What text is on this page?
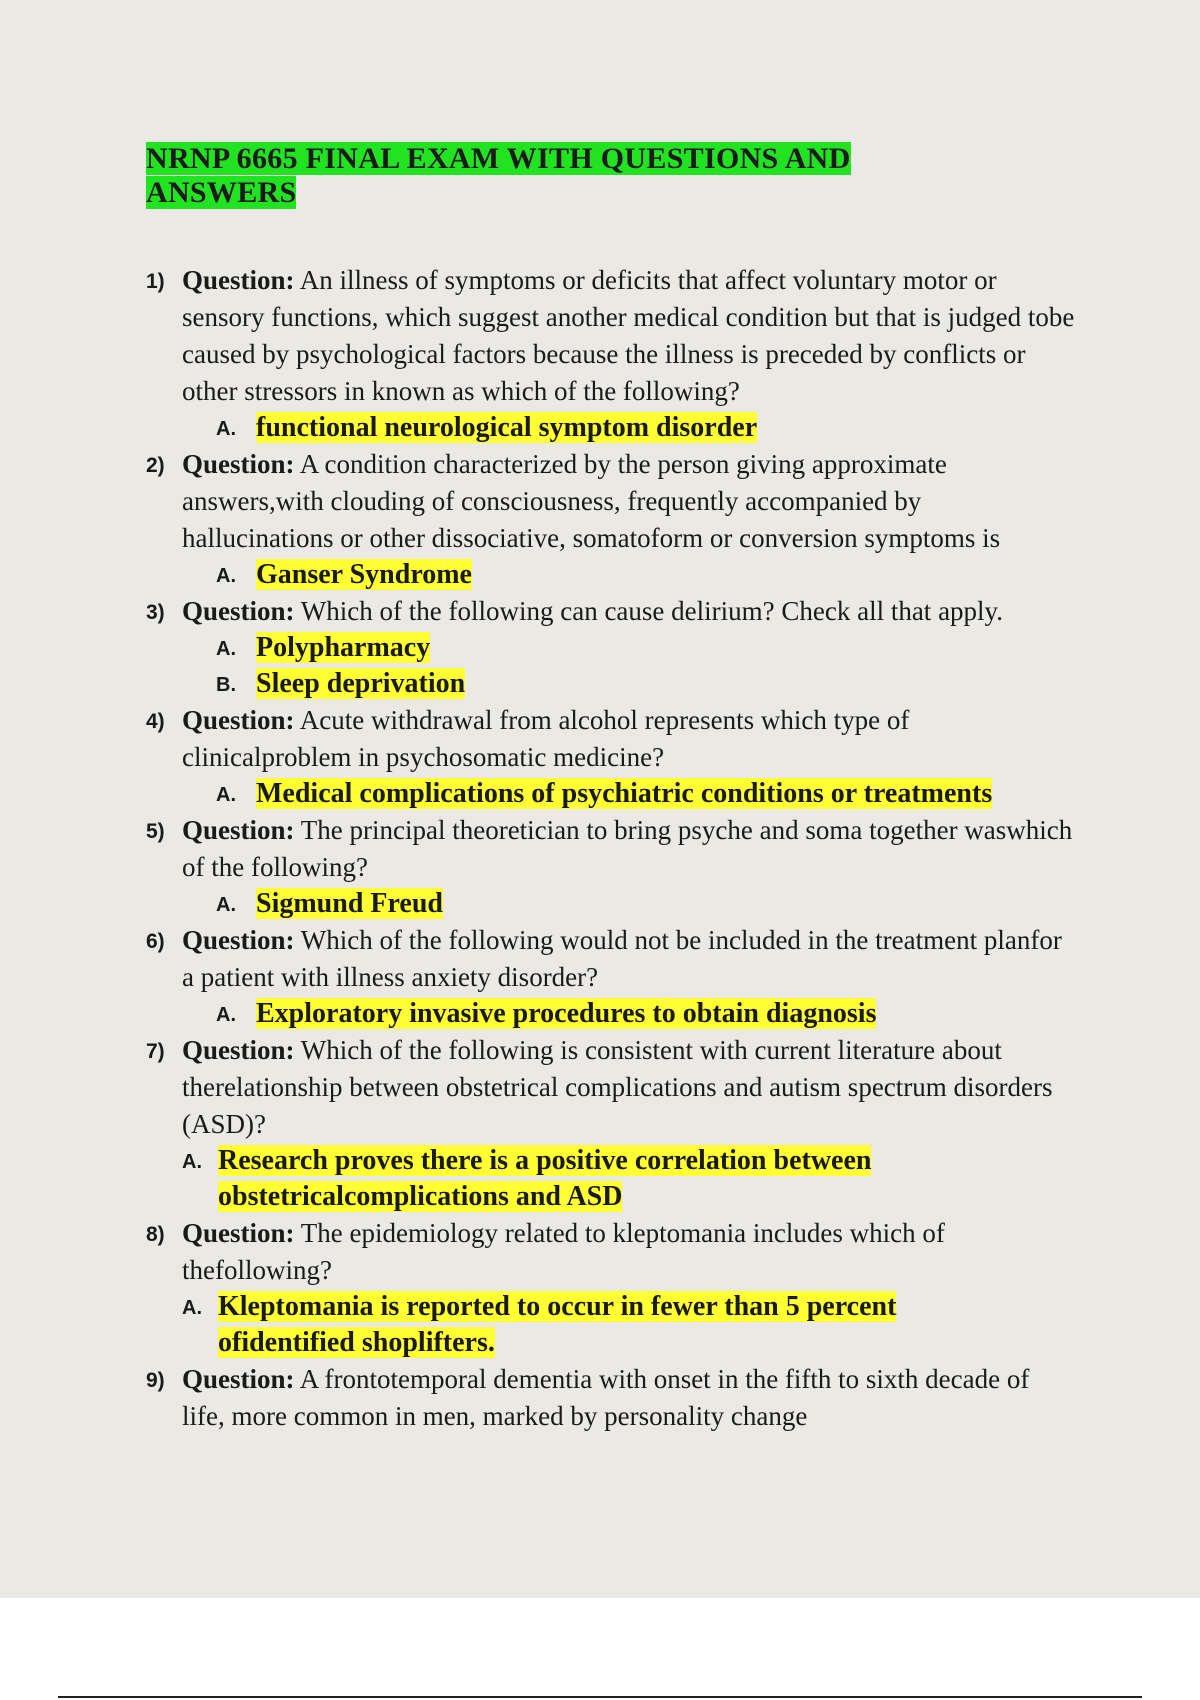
NRNP 6665 FINAL EXAM WITH QUESTIONS AND ANSWERS
1) Question: An illness of symptoms or deficits that affect voluntary motor or sensory functions, which suggest another medical condition but that is judged tobe caused by psychological factors because the illness is preceded by conflicts or other stressors in known as which of the following?
A. functional neurological symptom disorder
2) Question: A condition characterized by the person giving approximate answers,with clouding of consciousness, frequently accompanied by hallucinations or other dissociative, somatoform or conversion symptoms is
A. Ganser Syndrome
3) Question: Which of the following can cause delirium? Check all that apply.
A. Polypharmacy
B. Sleep deprivation
4) Question: Acute withdrawal from alcohol represents which type of clinicalproblem in psychosomatic medicine?
A. Medical complications of psychiatric conditions or treatments
5) Question: The principal theoretician to bring psyche and soma together waswhich of the following?
A. Sigmund Freud
6) Question: Which of the following would not be included in the treatment planfor a patient with illness anxiety disorder?
A. Exploratory invasive procedures to obtain diagnosis
7) Question: Which of the following is consistent with current literature about therelationship between obstetrical complications and autism spectrum disorders (ASD)?
A. Research proves there is a positive correlation between obstetricalcomplications and ASD
8) Question: The epidemiology related to kleptomania includes which of thefollowing?
A. Kleptomania is reported to occur in fewer than 5 percent ofidentified shoplifters.
9) Question: A frontotemporal dementia with onset in the fifth to sixth decade of life, more common in men, marked by personality change
